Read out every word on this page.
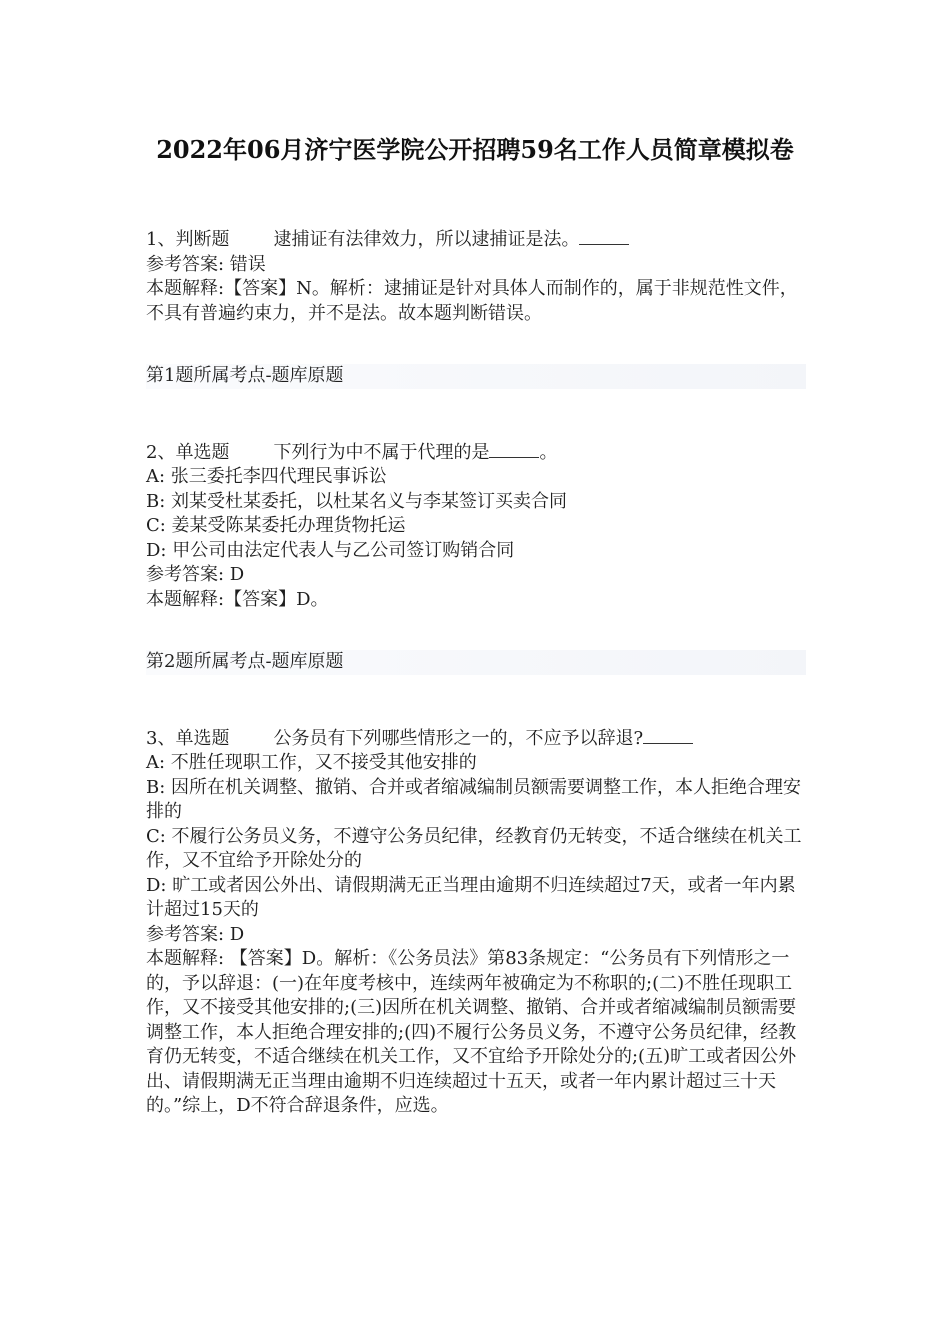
2022年06月济宁医学院公开招聘59名工作人员简章模拟卷

1、判断题 逮捕证有法律效力，所以逮捕证是法。

参考答案: 错误

本题解释:【答案】N。解析：逮捕证是针对具体人而制作的，属于非规范性文件，不具有普遍约束力，并不是法。故本题判断错误。

第1题所属考点-题库原题

2、单选题 下列行为中不属于代理的是	。

A: 张三委托李四代理民事诉讼

B: 刘某受杜某委托，以杜某名义与李某签订买卖合同

C: 姜某受陈某委托办理货物托运

D: 甲公司由法定代表人与乙公司签订购销合同

参考答案: D

本题解释:【答案】D。

第2题所属考点-题库原题

3、单选题 公务员有下列哪些情形之一的，不应予以辞退?

A: 不胜任现职工作，又不接受其他安排的

B: 因所在机关调整、撤销、合并或者缩减编制员额需要调整工作，本人拒绝合理安排的

C: 不履行公务员义务，不遵守公务员纪律，经教育仍无转变，不适合继续在机关工作，又不宜给予开除处分的

D: 旷工或者因公外出、请假期满无正当理由逾期不归连续超过7天，或者一年内累计超过15天的

参考答案: D

本题解释: 【答案】D。解析：《公务员法》第83条规定：“公务员有下列情形之一的，予以辞退：(一)在年度考核中，连续两年被确定为不称职的;(二)不胜任现职工作，又不接受其他安排的;(三)因所在机关调整、撤销、合并或者缩减编制员额需要调整工作，本人拒绝合理安排的;(四)不履行公务员义务，不遵守公务员纪律，经教育仍无转变，不适合继续在机关工作，又不宜给予开除处分的;(五)旷工或者因公外出、请假期满无正当理由逾期不归连续超过十五天，或者一年内累计超过三十天的。”综上，D不符合辞退条件，应选。
